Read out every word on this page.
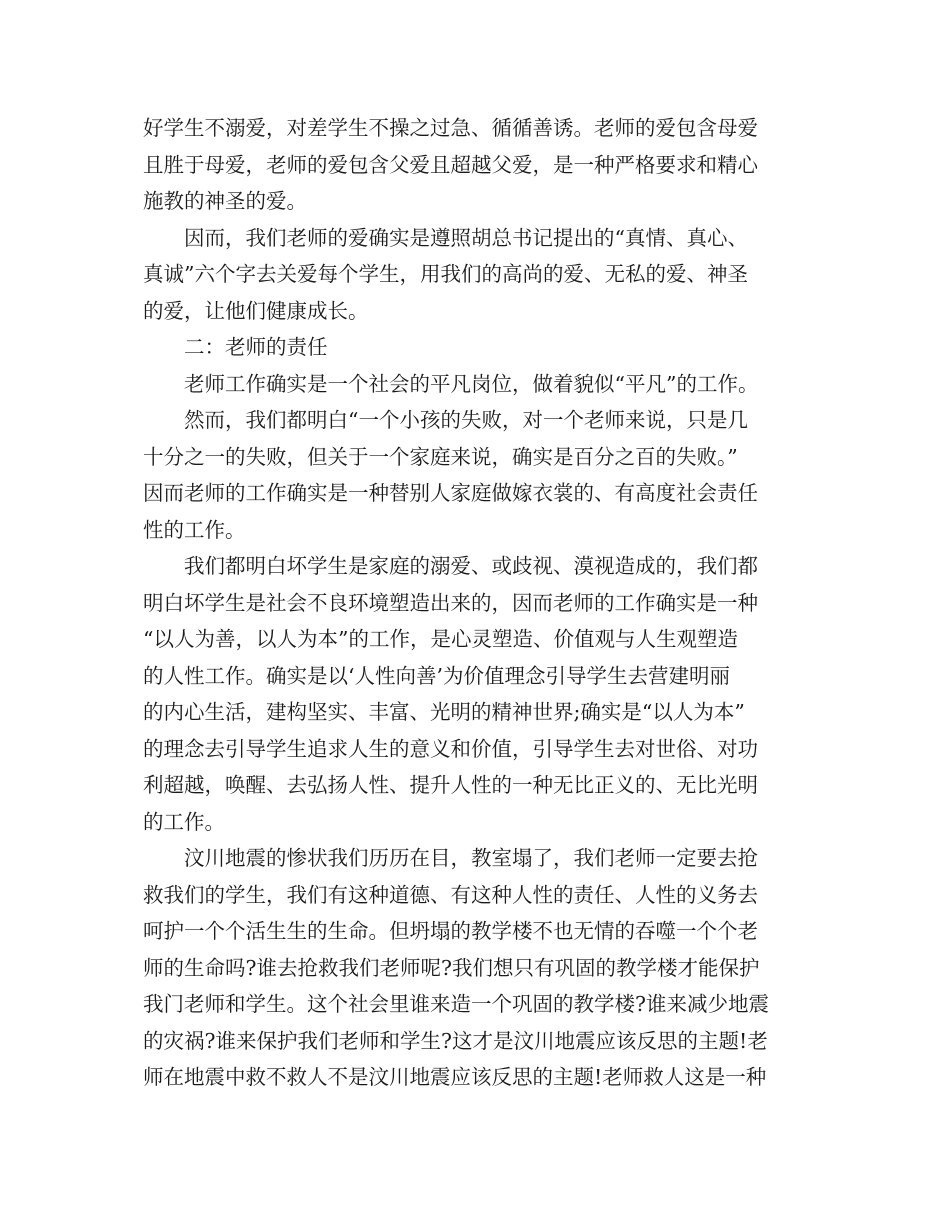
好学生不溺爱，对差学生不操之过急、循循善诱。老师的爱包含母爱
且胜于母爱，老师的爱包含父爱且超越父爱，是一种严格要求和精心
施教的神圣的爱。
因而，我们老师的爱确实是遵照胡总书记提出的“真情、真心、
真诚”六个字去关爱每个学生，用我们的高尚的爱、无私的爱、神圣
的爱，让他们健康成长。
二：老师的责任
老师工作确实是一个社会的平凡岗位，做着貌似“平凡”的工作。
然而，我们都明白“一个小孩的失败，对一个老师来说，只是几
十分之一的失败，但关于一个家庭来说，确实是百分之百的失败。”
因而老师的工作确实是一种替别人家庭做嫁衣裳的、有高度社会责任
性的工作。
我们都明白坏学生是家庭的溺爱、或歧视、漠视造成的，我们都
明白坏学生是社会不良环境塑造出来的，因而老师的工作确实是一种
“以人为善，以人为本”的工作，是心灵塑造、价值观与人生观塑造
的人性工作。确实是以‘人性向善’为价值理念引导学生去营建明丽
的内心生活，建构坚实、丰富、光明的精神世界;确实是“以人为本”
的理念去引导学生追求人生的意义和价值，引导学生去对世俗、对功
利超越，唤醒、去弘扬人性、提升人性的一种无比正义的、无比光明
的工作。
汶川地震的惨状我们历历在目，教室塌了，我们老师一定要去抢
救我们的学生，我们有这种道德、有这种人性的责任、人性的义务去
呵护一个个活生生的生命。但坍塌的教学楼不也无情的吞噬一个个老
师的生命吗?谁去抢救我们老师呢?我们想只有巩固的教学楼才能保护
我门老师和学生。这个社会里谁来造一个巩固的教学楼?谁来减少地震
的灾祸?谁来保护我们老师和学生?这才是汶川地震应该反思的主题!老
师在地震中救不救人不是汶川地震应该反思的主题!老师救人这是一种
